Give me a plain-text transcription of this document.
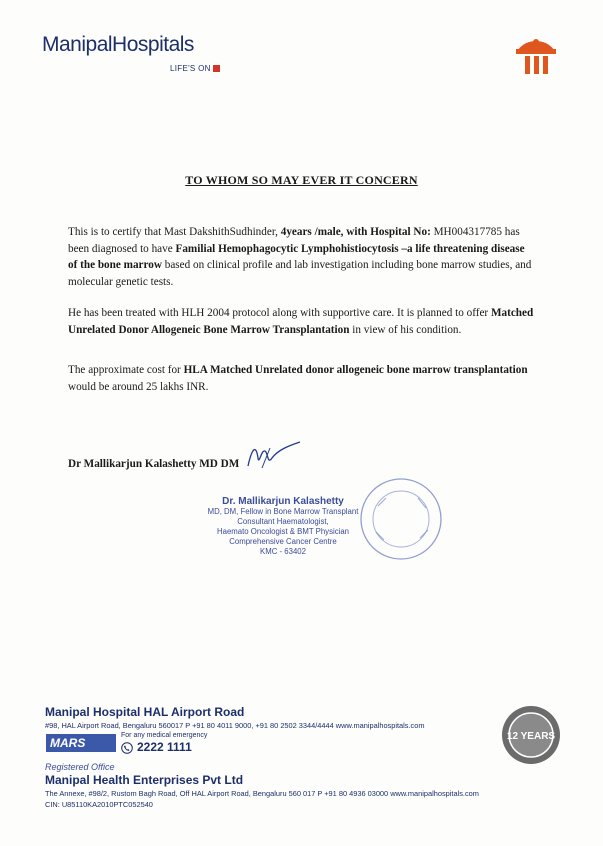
ManipalHospitals
LIFE'S ON
TO WHOM SO MAY EVER IT CONCERN
This is to certify that Mast DakshithSudhinder, 4years /male, with Hospital No: MH004317785 has been diagnosed to have Familial Hemophagocytic Lymphohistiocytosis –a life threatening disease of the bone marrow based on clinical profile and lab investigation including bone marrow studies, and molecular genetic tests.
He has been treated with HLH 2004 protocol along with supportive care. It is planned to offer Matched Unrelated Donor Allogeneic Bone Marrow Transplantation in view of his condition.
The approximate cost for HLA Matched Unrelated donor allogeneic bone marrow transplantation would be around 25 lakhs INR.
Dr Mallikarjun Kalashetty MD DM
Dr. Mallikarjun Kalashetty
MD, DM, Fellow in Bone Marrow Transplant
Consultant Haematologist,
Haemato Oncologist & BMT Physician
Comprehensive Cancer Centre
KMC - 63402
Manipal Hospital HAL Airport Road
#98, HAL Airport Road, Bengaluru 560017 P +91 80 4011 9000, +91 80 2502 3344/4444 www.manipalhospitals.com
MARS
For any medical emergency
2222 1111
Registered Office
Manipal Health Enterprises Pvt Ltd
The Annexe, #98/2, Rustom Bagh Road, Off HAL Airport Road, Bengaluru 560 017 P +91 80 4936 03000 www.manipalhospitals.com
CIN: U85110KA2010PTC052540
12 YEARS
